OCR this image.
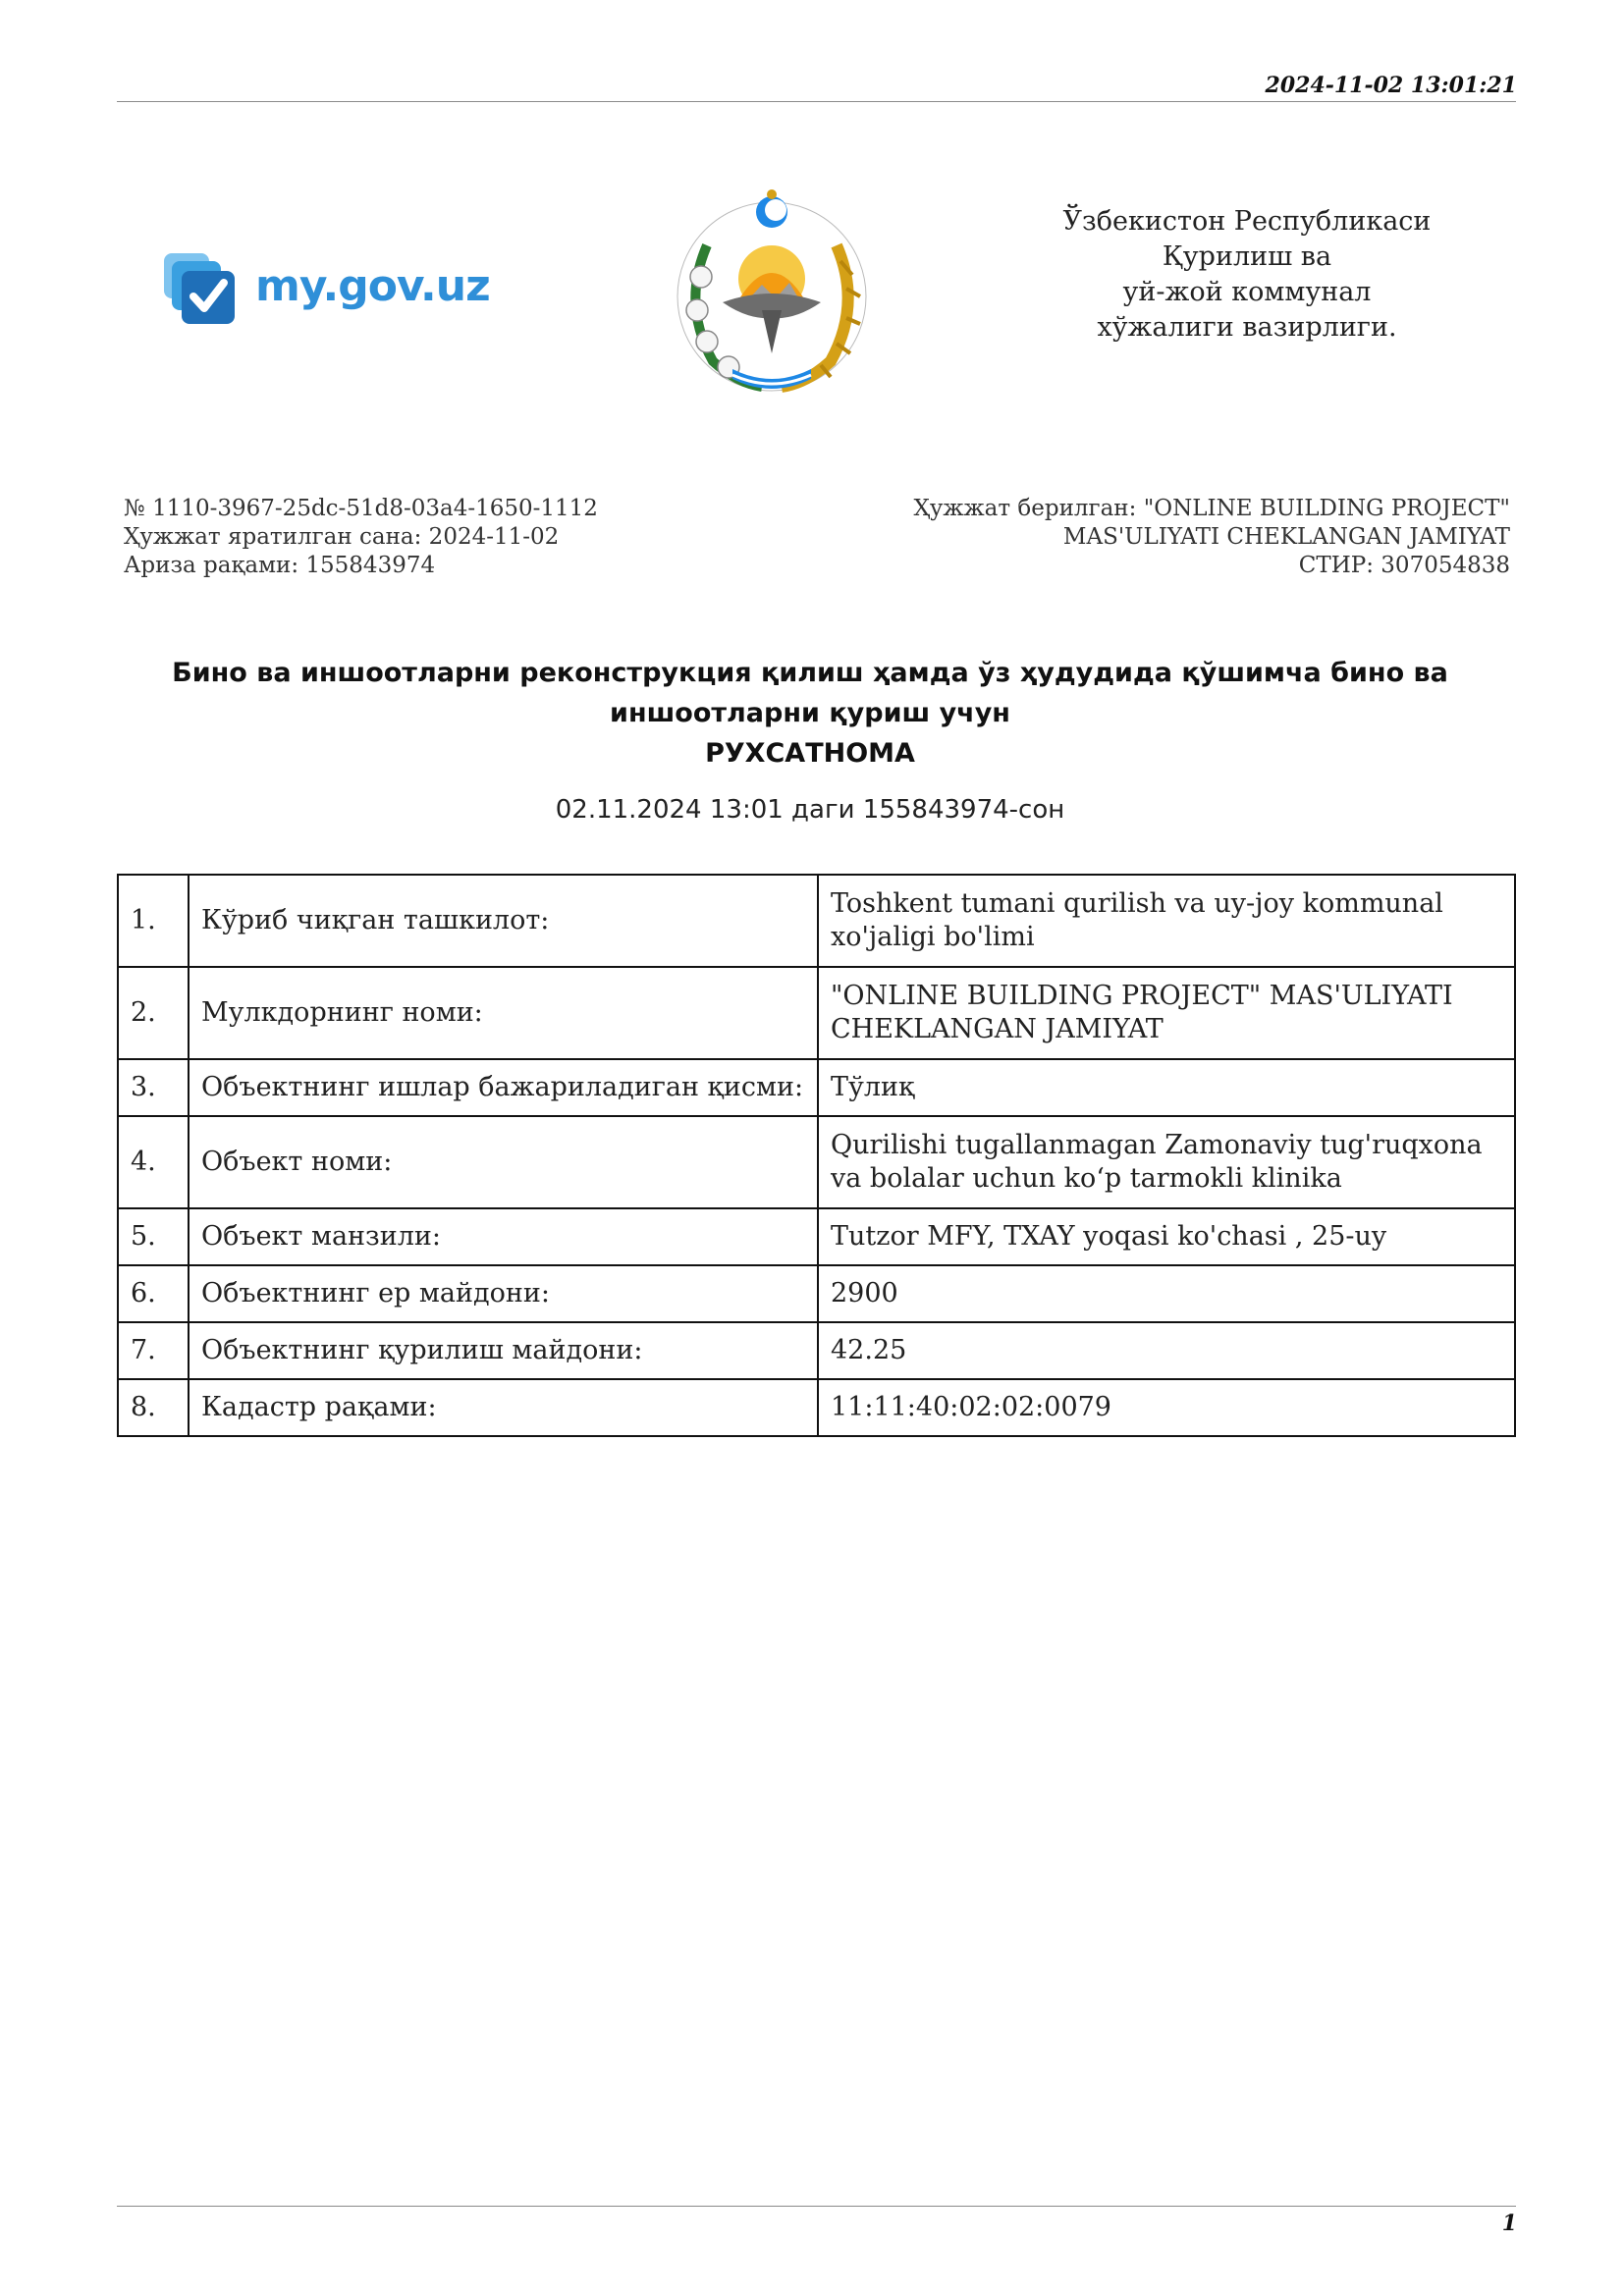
2024-11-02 13:01:21
my.gov.uz
Ўзбекистон Республикаси
Қурилиш ва
уй-жой коммунал
хўжалиги вазирлиги.
№ 1110-3967-25dc-51d8-03a4-1650-1112
Ҳужжат яратилган сана: 2024-11-02
Ариза рақами: 155843974
Ҳужжат берилган: "ONLINE BUILDING PROJECT"
MAS'ULIYATI CHEKLANGAN JAMIYAT
СТИР: 307054838
Бино ва иншоотларни реконструкция қилиш ҳамда ўз ҳудудида қўшимча бино ва
иншоотларни қуриш учун
РУХСАТНОМА
02.11.2024 13:01 даги 155843974-сон
1.	Кўриб чиқган ташкилот:	Toshkent tumani qurilish va uy-joy kommunal xo'jaligi bo'limi
2.	Мулкдорнинг номи:	"ONLINE BUILDING PROJECT" MAS'ULIYATI CHEKLANGAN JAMIYAT
3.	Объектнинг ишлар бажариладиган қисми:	Тўлиқ
4.	Объект номи:	Qurilishi tugallanmagan Zamonaviy tug'ruqxona va bolalar uchun koʻp tarmokli klinika
5.	Объект манзили:	Tutzor MFY, TXAY yoqasi ko'chasi , 25-uy
6.	Объектнинг ер майдони:	2900
7.	Объектнинг қурилиш майдони:	42.25
8.	Кадастр рақами:	11:11:40:02:02:0079
1
